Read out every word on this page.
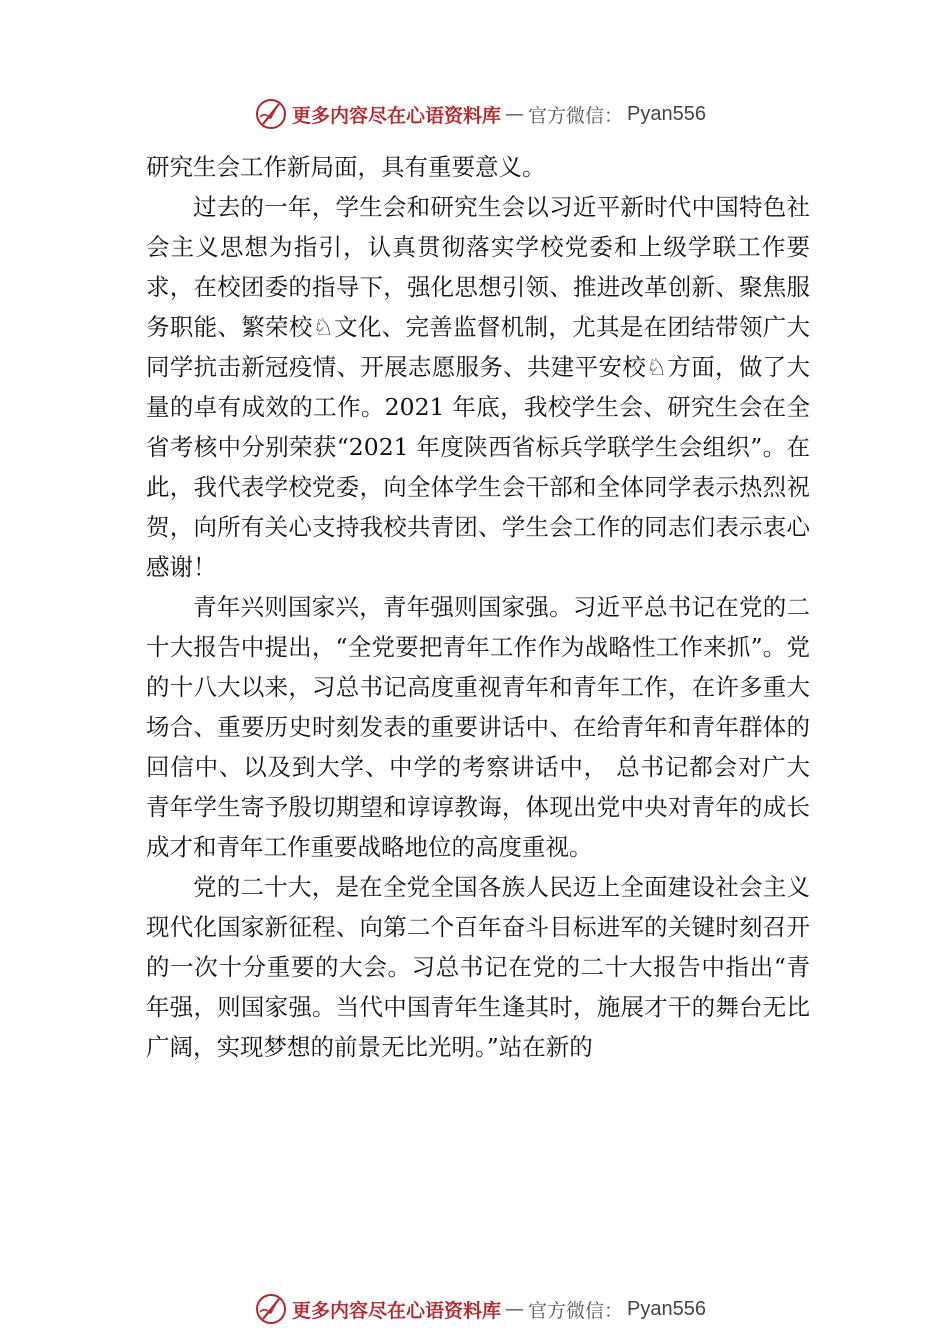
更多内容尽在心语资料库 — 官方微信： Pyan556

研究生会工作新局面，具有重要意义。

过去的一年，学生会和研究生会以习近平新时代中国特色社会主义思想为指引，认真贯彻落实学校党委和上级学联工作要求，在校团委的指导下，强化思想引领、推进改革创新、聚焦服务职能、繁荣校♘文化、完善监督机制，尤其是在团结带领广大同学抗击新冠疫情、开展志愿服务、共建平安校♘方面，做了大量的卓有成效的工作。2021 年底，我校学生会、研究生会在全省考核中分别荣获“2021 年度陕西省标兵学联学生会组织”。在此，我代表学校党委，向全体学生会干部和全体同学表示热烈祝贺，向所有关心支持我校共青团、学生会工作的同志们表示衷心感谢！

青年兴则国家兴，青年强则国家强。习近平总书记在党的二十大报告中提出，“全党要把青年工作作为战略性工作来抓”。党的十八大以来，习总书记高度重视青年和青年工作，在许多重大场合、重要历史时刻发表的重要讲话中、在给青年和青年群体的回信中、以及到大学、中学的考察讲话中， 总书记都会对广大青年学生寄予殷切期望和谆谆教诲，体现出党中央对青年的成长成才和青年工作重要战略地位的高度重视。

党的二十大，是在全党全国各族人民迈上全面建设社会主义现代化国家新征程、向第二个百年奋斗目标进军的关键时刻召开的一次十分重要的大会。习总书记在党的二十大报告中指出“青年强，则国家强。当代中国青年生逢其时，施展才干的舞台无比广阔，实现梦想的前景无比光明。”站在新的

更多内容尽在心语资料库 — 官方微信： Pyan556
